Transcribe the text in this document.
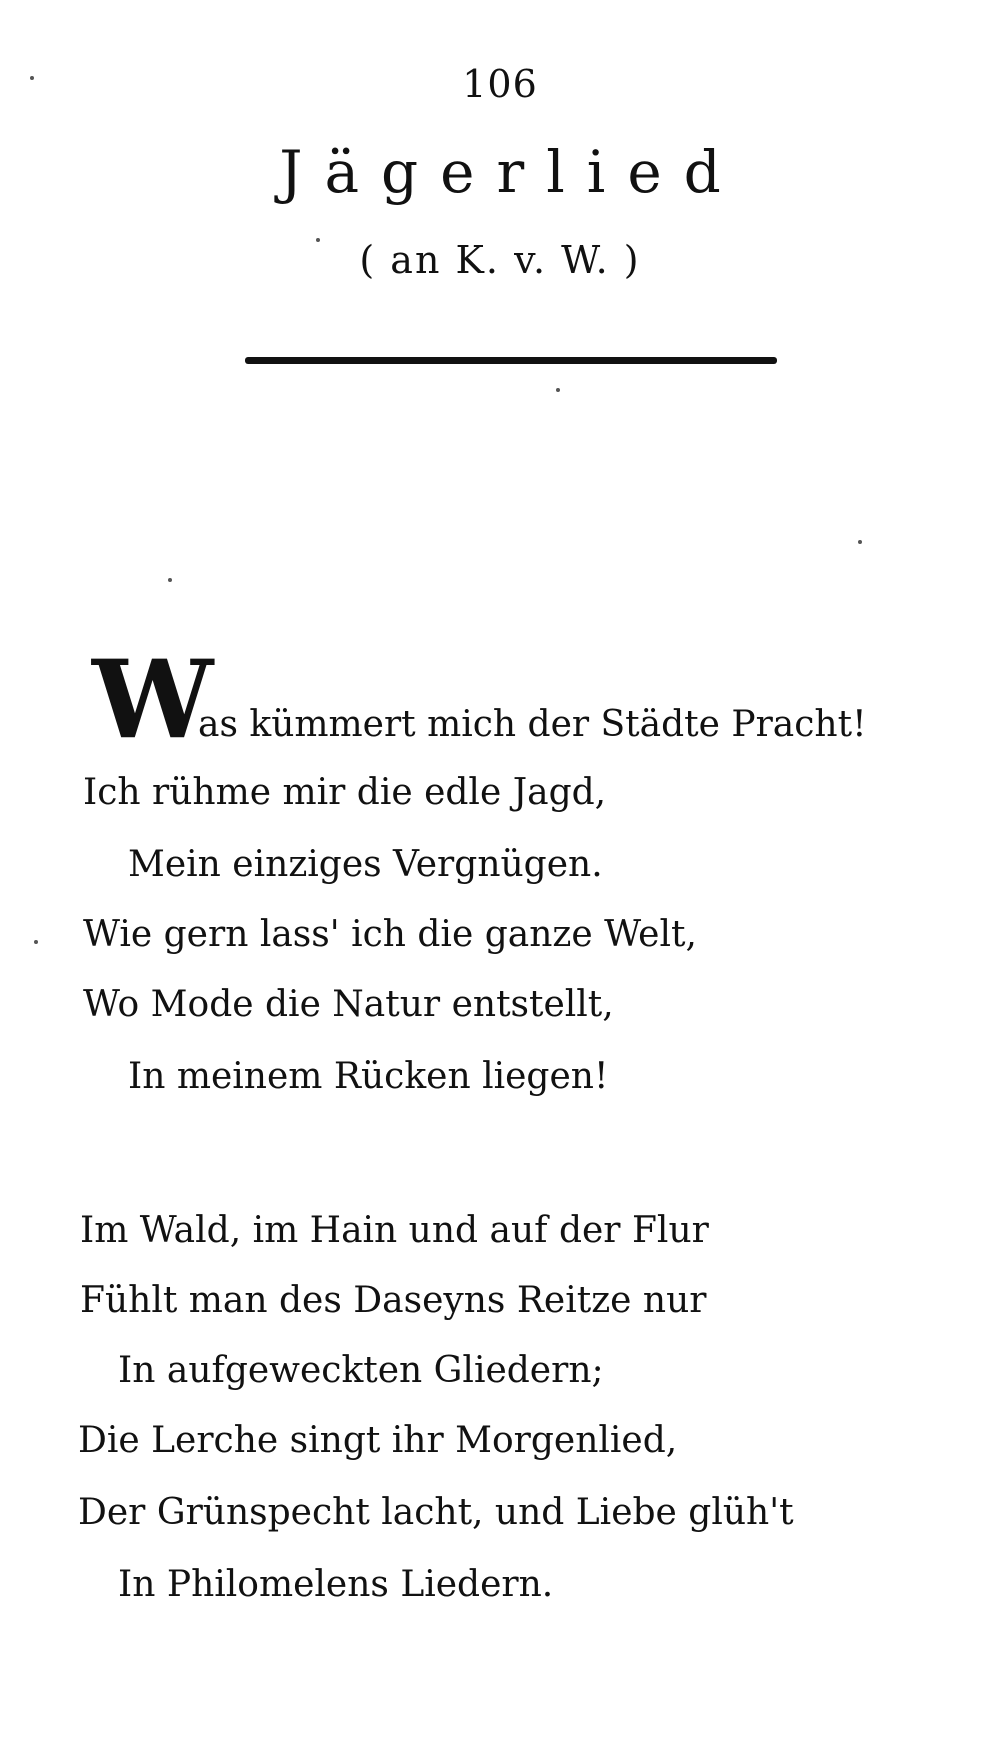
106
Jägerlied
( an K. v. W. )
W
as kümmert mich der Städte Pracht!
Ich rühme mir die edle Jagd,
Mein einziges Vergnügen.
Wie gern lass' ich die ganze Welt,
Wo Mode die Natur entstellt,
In meinem Rücken liegen!
Im Wald, im Hain und auf der Flur
Fühlt man des Daseyns Reitze nur
In aufgeweckten Gliedern;
Die Lerche singt ihr Morgenlied,
Der Grünspecht lacht, und Liebe glüh't
In Philomelens Liedern.
